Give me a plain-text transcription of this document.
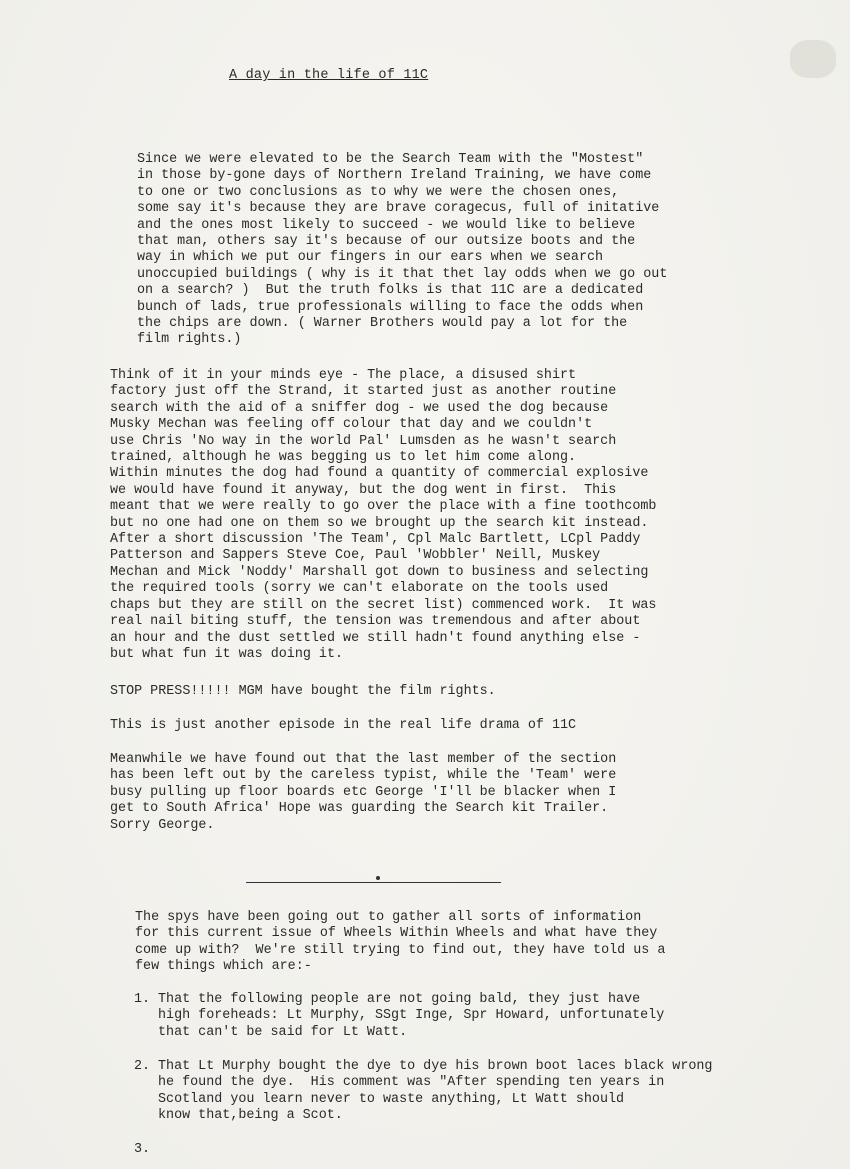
A day in the life of 11C
Since we were elevated to be the Search Team with the "Mostest"
in those by-gone days of Northern Ireland Training, we have come
to one or two conclusions as to why we were the chosen ones,
some say it's because they are brave coragecus, full of initative
and the ones most likely to succeed - we would like to believe
that man, others say it's because of our outsize boots and the
way in which we put our fingers in our ears when we search
unoccupied buildings ( why is it that thet lay odds when we go out
on a search? )  But the truth folks is that 11C are a dedicated
bunch of lads, true professionals willing to face the odds when
the chips are down. ( Warner Brothers would pay a lot for the
film rights.)
Think of it in your minds eye - The place, a disused shirt
factory just off the Strand, it started just as another routine
search with the aid of a sniffer dog - we used the dog because
Musky Mechan was feeling off colour that day and we couldn't
use Chris 'No way in the world Pal' Lumsden as he wasn't search
trained, although he was begging us to let him come along.
Within minutes the dog had found a quantity of commercial explosive
we would have found it anyway, but the dog went in first.  This
meant that we were really to go over the place with a fine toothcomb
but no one had one on them so we brought up the search kit instead.
After a short discussion 'The Team', Cpl Malc Bartlett, LCpl Paddy
Patterson and Sappers Steve Coe, Paul 'Wobbler' Neill, Muskey
Mechan and Mick 'Noddy' Marshall got down to business and selecting
the required tools (sorry we can't elaborate on the tools used
chaps but they are still on the secret list) commenced work.  It was
real nail biting stuff, the tension was tremendous and after about
an hour and the dust settled we still hadn't found anything else -
but what fun it was doing it.
STOP PRESS!!!!! MGM have bought the film rights.
This is just another episode in the real life drama of 11C
Meanwhile we have found out that the last member of the section
has been left out by the careless typist, while the 'Team' were
busy pulling up floor boards etc George 'I'll be blacker when I
get to South Africa' Hope was guarding the Search kit Trailer.
Sorry George.
The spys have been going out to gather all sorts of information
for this current issue of Wheels Within Wheels and what have they
come up with?  We're still trying to find out, they have told us a
few things which are:-
1. That the following people are not going bald, they just have
high foreheads: Lt Murphy, SSgt Inge, Spr Howard, unfortunately
that can't be said for Lt Watt.
2. That Lt Murphy bought the dye to dye his brown boot laces black wrong
he found the dye.  His comment was "After spending ten years in
Scotland you learn never to waste anything, Lt Watt should
know that,being a Scot.
3.
